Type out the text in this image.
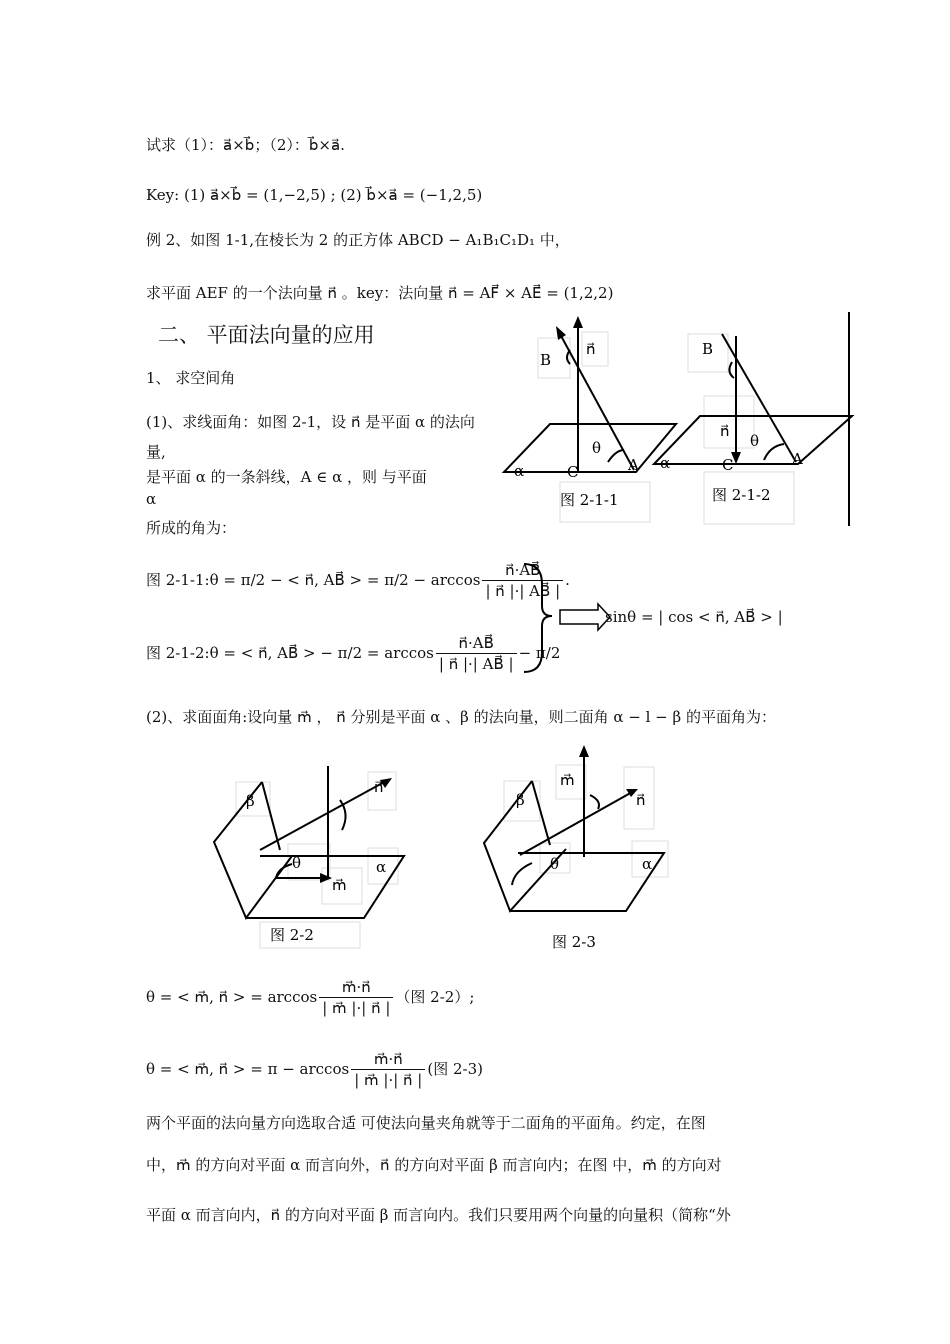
试求（1）：a⃗×b⃗；（2）：b⃗×a⃗.
Key: (1) a⃗×b⃗ = (1,−2,5) ; (2) b⃗×a⃗ = (−1,2,5)
例 2、如图 1-1,在棱长为 2 的正方体 ABCD − A₁B₁C₁D₁ 中，
求平面 AEF 的一个法向量 n⃗ 。key：法向量 n⃗ = AF⃗ × AE⃗ = (1,2,2)
二、 平面法向量的应用
1、 求空间角
(1)、求线面角：如图 2-1，设 n⃗ 是平面 α 的法向
量,
是平面 α 的一条斜线，A ∈ α ，则 与平面
α
所成的角为：
图 2-1-1: θ = π/2 − < n⃗, AB⃗ > = $\pi/2 - \arccos \frac{n⃗\cdot AB⃗}{| n⃗ |\cdot| AB⃗ |}$ .
图 2-1-2: θ = < n⃗, AB⃗ > − $\pi/2 = \arccos \frac{n⃗\cdot AB⃗}{| n⃗ |\cdot| AB⃗ |} - \pi/2$
sinθ = | cos < n⃗, AB⃗ > |
(2)、求面面角:设向量 m⃗ ， n⃗ 分别是平面 α 、β 的法向量，则二面角 α − l − β 的平面角为：
θ = < m⃗, n⃗ > = $\arccos \frac{m⃗\cdot n⃗}{| m⃗ |\cdot| n⃗ |}$ （图 2-2）;
θ = < m⃗, n⃗ > = $\pi - \arccos \frac{m⃗\cdot n⃗}{| m⃗ |\cdot| n⃗ |}$ (图 2-3)
两个平面的法向量方向选取合适 可使法向量夹角就等于二面角的平面角。约定，在图
中，m⃗ 的方向对平面 α 而言向外，n⃗ 的方向对平面 β 而言向内；在图 中，m⃗ 的方向对
平面 α 而言向内，n⃗ 的方向对平面 β 而言向内。我们只要用两个向量的向量积（简称“外
B
n⃗
θ
α	C	A
图 2-1-1
B
n⃗
θ
α	C	A
图 2-1-2
β
n⃗
θ	α
m⃗
图 2-2
m⃗
β	n⃗
θ	α
图 2-3
